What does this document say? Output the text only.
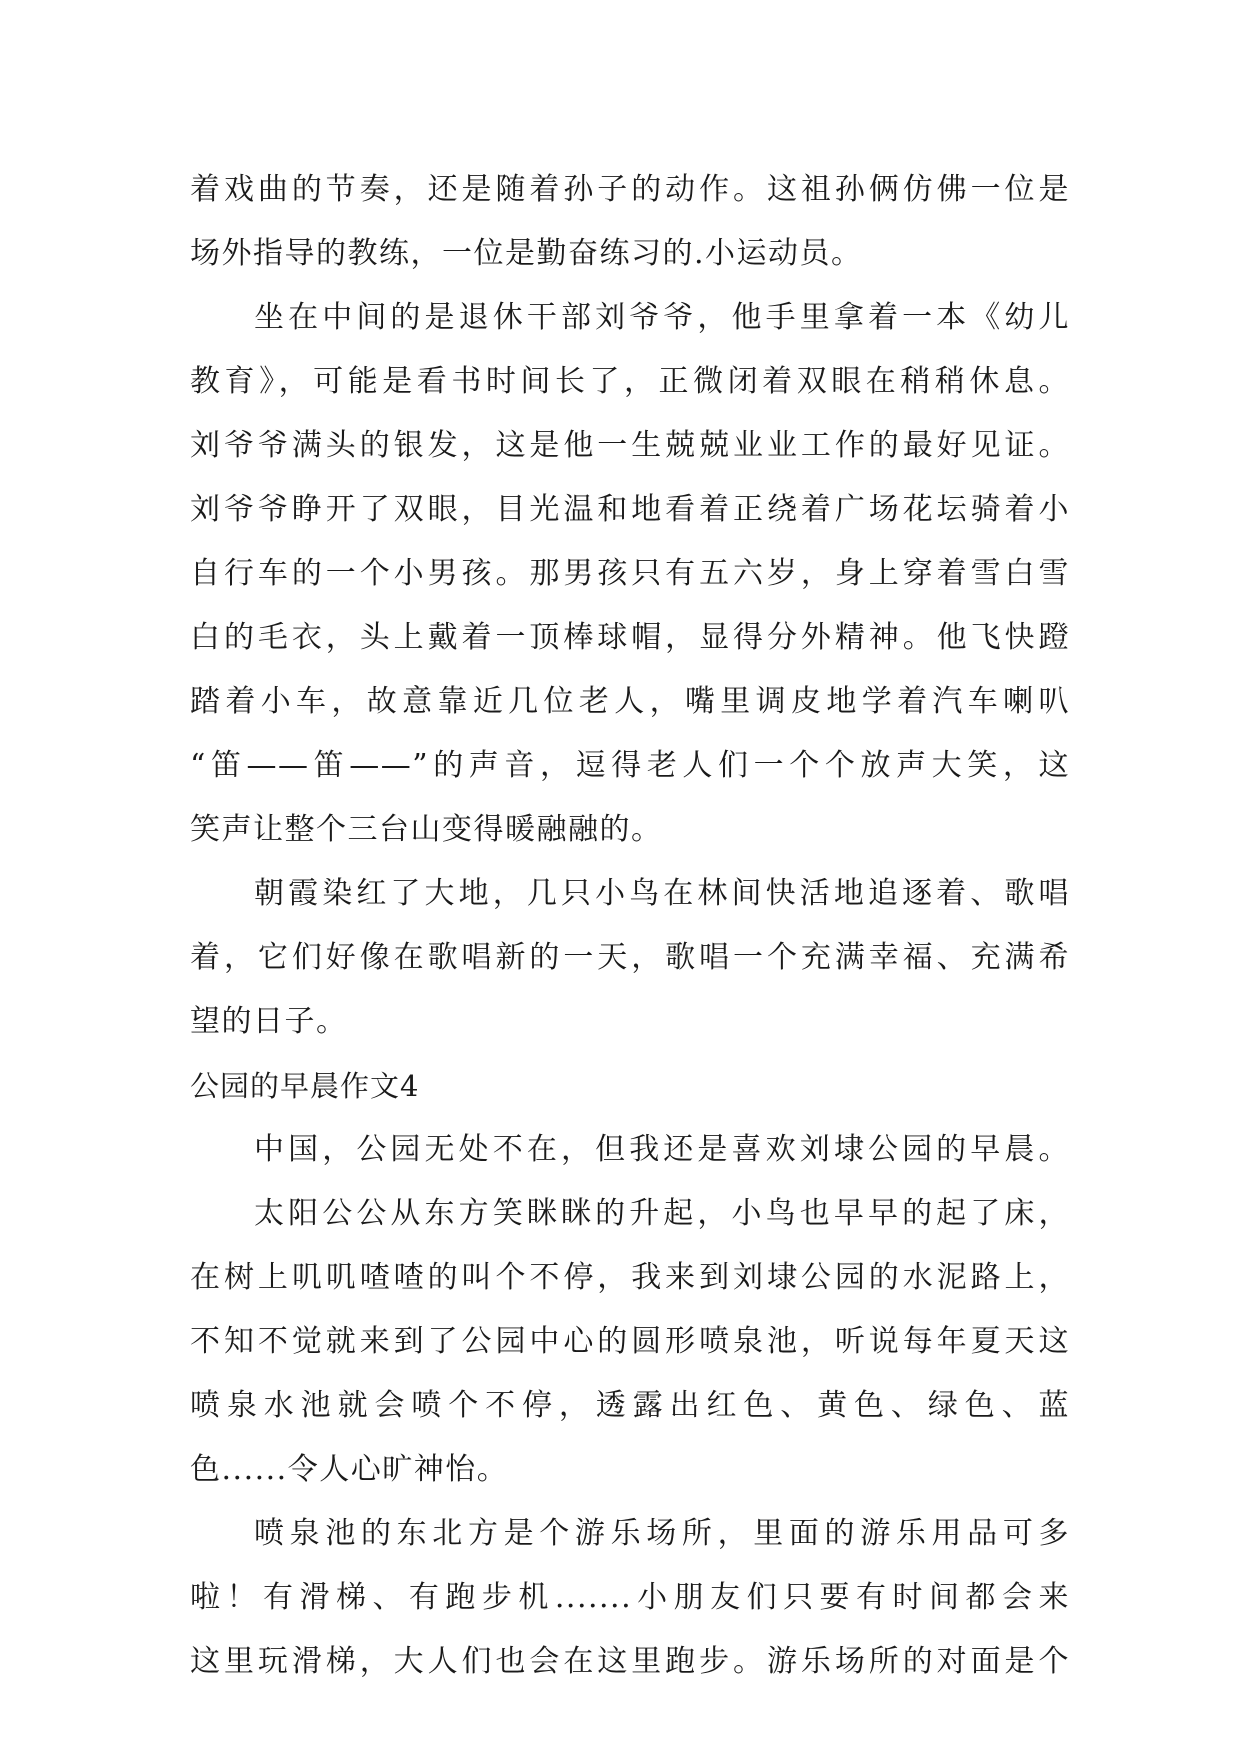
着戏曲的节奏，还是随着孙子的动作。这祖孙俩仿佛一位是
场外指导的教练，一位是勤奋练习的.小运动员。
坐在中间的是退休干部刘爷爷，他手里拿着一本《幼儿
教育》，可能是看书时间长了，正微闭着双眼在稍稍休息。
刘爷爷满头的银发，这是他一生兢兢业业工作的最好见证。
刘爷爷睁开了双眼，目光温和地看着正绕着广场花坛骑着小
自行车的一个小男孩。那男孩只有五六岁，身上穿着雪白雪
白的毛衣，头上戴着一顶棒球帽，显得分外精神。他飞快蹬
踏着小车，故意靠近几位老人，嘴里调皮地学着汽车喇叭
“笛——笛——”的声音，逗得老人们一个个放声大笑，这
笑声让整个三台山变得暖融融的。
朝霞染红了大地，几只小鸟在林间快活地追逐着、歌唱
着，它们好像在歌唱新的一天，歌唱一个充满幸福、充满希
望的日子。
公园的早晨作文4
中国，公园无处不在，但我还是喜欢刘埭公园的早晨。
太阳公公从东方笑眯眯的升起，小鸟也早早的起了床，
在树上叽叽喳喳的叫个不停，我来到刘埭公园的水泥路上，
不知不觉就来到了公园中心的圆形喷泉池，听说每年夏天这
喷泉水池就会喷个不停，透露出红色、黄色、绿色、蓝
色......令人心旷神怡。
喷泉池的东北方是个游乐场所，里面的游乐用品可多
啦！有滑梯、有跑步机.......小朋友们只要有时间都会来
这里玩滑梯，大人们也会在这里跑步。游乐场所的对面是个
